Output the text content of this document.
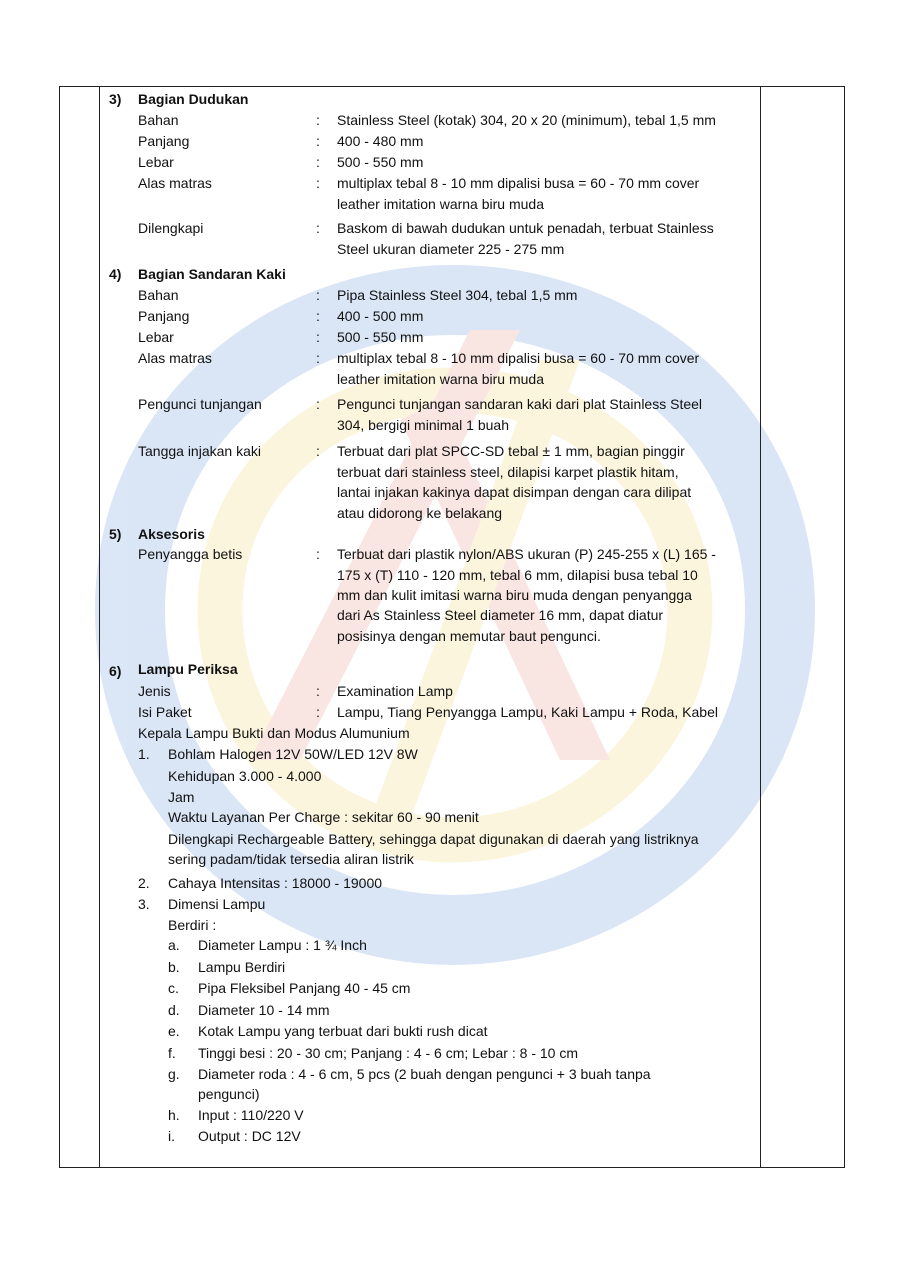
3) Bagian Dudukan
Bahan	: Stainless Steel (kotak) 304, 20 x 20 (minimum), tebal 1,5 mm
Panjang	: 400 - 480 mm
Lebar	: 500 - 550 mm
Alas matras	: multiplax tebal 8 - 10 mm dipalisi busa = 60 - 70 mm cover
leather imitation warna biru muda
Dilengkapi	: Baskom di bawah dudukan untuk penadah, terbuat Stainless
Steel ukuran diameter 225 - 275 mm
4) Bagian Sandaran Kaki
Bahan	: Pipa Stainless Steel 304, tebal 1,5 mm
Panjang	: 400 - 500 mm
Lebar	: 500 - 550 mm
Alas matras	: multiplax tebal 8 - 10 mm dipalisi busa = 60 - 70 mm cover
leather imitation warna biru muda
Pengunci tunjangan	: Pengunci tunjangan sandaran kaki dari plat Stainless Steel
304, bergigi minimal 1 buah
Tangga injakan kaki	: Terbuat dari plat SPCC-SD tebal ± 1 mm, bagian pinggir
terbuat dari stainless steel, dilapisi karpet plastik hitam,
lantai injakan kakinya dapat disimpan dengan cara dilipat
atau didorong ke belakang
5) Aksesoris
Penyangga betis	: Terbuat dari plastik nylon/ABS ukuran (P) 245-255 x (L) 165 -
175 x (T) 110 - 120 mm, tebal 6 mm, dilapisi busa tebal 10
mm dan kulit imitasi warna biru muda dengan penyangga
dari As Stainless Steel diameter 16 mm, dapat diatur
posisinya dengan memutar baut pengunci.
6) Lampu Periksa
Jenis	: Examination Lamp
Isi Paket	: Lampu, Tiang Penyangga Lampu, Kaki Lampu + Roda, Kabel
Kepala Lampu Bukti dan Modus Alumunium
1. Bohlam Halogen 12V 50W/LED 12V 8W
Kehidupan 3.000 - 4.000
Jam
Waktu Layanan Per Charge : sekitar 60 - 90 menit
Dilengkapi Rechargeable Battery, sehingga dapat digunakan di daerah yang listriknya
sering padam/tidak tersedia aliran listrik
2. Cahaya Intensitas : 18000 - 19000
3. Dimensi Lampu
Berdiri :
a. Diameter Lampu : 1 ¾ Inch
b. Lampu Berdiri
c. Pipa Fleksibel Panjang 40 - 45 cm
d. Diameter 10 - 14 mm
e. Kotak Lampu yang terbuat dari bukti rush dicat
f. Tinggi besi : 20 - 30 cm; Panjang : 4 - 6 cm; Lebar : 8 - 10 cm
g. Diameter roda : 4 - 6 cm, 5 pcs (2 buah dengan pengunci + 3 buah tanpa
pengunci)
h. Input : 110/220 V
i. Output : DC 12V
